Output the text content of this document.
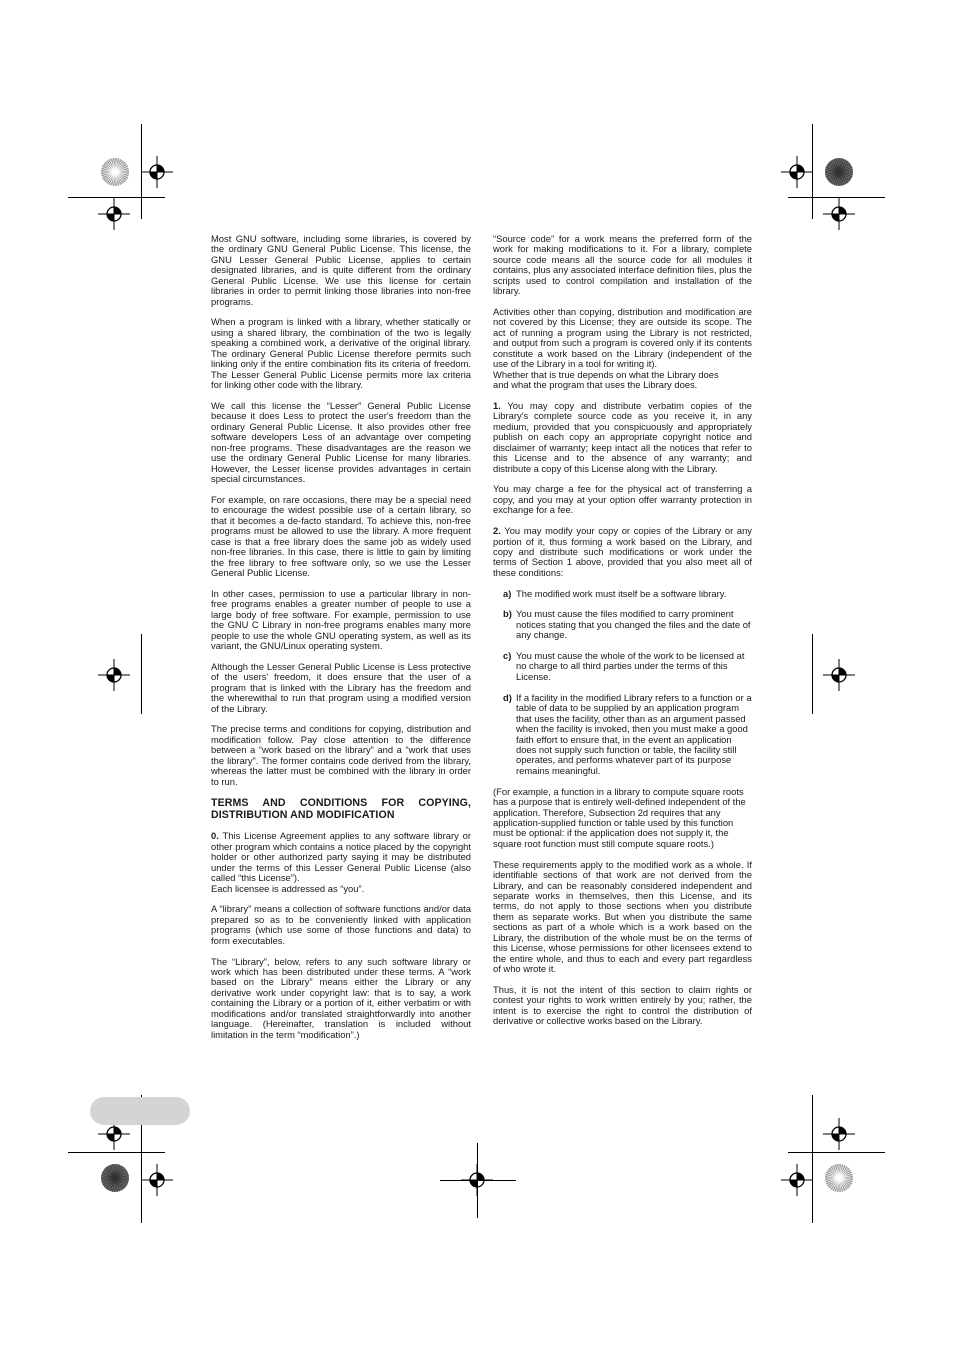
Most GNU software, including some libraries, is covered by the ordinary GNU General Public License. This license, the GNU Lesser General Public License, applies to certain designated libraries, and is quite different from the ordinary General Public License. We use this license for certain libraries in order to permit linking those libraries into non-free programs.

When a program is linked with a library, whether statically or using a shared library, the combination of the two is legally speaking a combined work, a derivative of the original library. The ordinary General Public License therefore permits such linking only if the entire combination fits its criteria of freedom. The Lesser General Public License permits more lax criteria for linking other code with the library.

We call this license the “Lesser” General Public License because it does Less to protect the user's freedom than the ordinary General Public License. It also provides other free software developers Less of an advantage over competing non-free programs. These disadvantages are the reason we use the ordinary General Public License for many libraries. However, the Lesser license provides advantages in certain special circumstances.

For example, on rare occasions, there may be a special need to encourage the widest possible use of a certain library, so that it becomes a de-facto standard. To achieve this, non-free programs must be allowed to use the library. A more frequent case is that a free library does the same job as widely used non-free libraries. In this case, there is little to gain by limiting the free library to free software only, so we use the Lesser General Public License.

In other cases, permission to use a particular library in non-free programs enables a greater number of people to use a large body of free software. For example, permission to use the GNU C Library in non-free programs enables many more people to use the whole GNU operating system, as well as its variant, the GNU/Linux operating system.

Although the Lesser General Public License is Less protective of the users' freedom, it does ensure that the user of a program that is linked with the Library has the freedom and the wherewithal to run that program using a modified version of the Library.

The precise terms and conditions for copying, distribution and modification follow. Pay close attention to the difference between a “work based on the library” and a “work that uses the library”. The former contains code derived from the library, whereas the latter must be combined with the library in order to run.

TERMS AND CONDITIONS FOR COPYING, DISTRIBUTION AND MODIFICATION

0. This License Agreement applies to any software library or other program which contains a notice placed by the copyright holder or other authorized party saying it may be distributed under the terms of this Lesser General Public License (also called “this License”).

Each licensee is addressed as “you”.

A “library” means a collection of software functions and/or data prepared so as to be conveniently linked with application programs (which use some of those functions and data) to form executables.

The “Library”, below, refers to any such software library or work which has been distributed under these terms. A “work based on the Library” means either the Library or any derivative work under copyright law: that is to say, a work containing the Library or a portion of it, either verbatim or with modifications and/or translated straightforwardly into another language. (Hereinafter, translation is included without limitation in the term “modification”.)

“Source code” for a work means the preferred form of the work for making modifications to it. For a library, complete source code means all the source code for all modules it contains, plus any associated interface definition files, plus the scripts used to control compilation and installation of the library.

Activities other than copying, distribution and modification are not covered by this License; they are outside its scope. The act of running a program using the Library is not restricted, and output from such a program is covered only if its contents constitute a work based on the Library (independent of the use of the Library in a tool for writing it).

Whether that is true depends on what the Library does
and what the program that uses the Library does.

1. You may copy and distribute verbatim copies of the Library's complete source code as you receive it, in any medium, provided that you conspicuously and appropriately publish on each copy an appropriate copyright notice and disclaimer of warranty; keep intact all the notices that refer to this License and to the absence of any warranty; and distribute a copy of this License along with the Library.

You may charge a fee for the physical act of transferring a copy, and you may at your option offer warranty protection in exchange for a fee.

2. You may modify your copy or copies of the Library or any portion of it, thus forming a work based on the Library, and copy and distribute such modifications or work under the terms of Section 1 above, provided that you also meet all of these conditions:

a) The modified work must itself be a software library.
b) You must cause the files modified to carry prominent notices stating that you changed the files and the date of any change.
c) You must cause the whole of the work to be licensed at no charge to all third parties under the terms of this License.
d) If a facility in the modified Library refers to a function or a table of data to be supplied by an application program that uses the facility, other than as an argument passed when the facility is invoked, then you must make a good faith effort to ensure that, in the event an application does not supply such function or table, the facility still operates, and performs whatever part of its purpose remains meaningful.

(For example, a function in a library to compute square roots has a purpose that is entirely well-defined independent of the application. Therefore, Subsection 2d requires that any application-supplied function or table used by this function must be optional: if the application does not supply it, the square root function must still compute square roots.)

These requirements apply to the modified work as a whole. If identifiable sections of that work are not derived from the Library, and can be reasonably considered independent and separate works in themselves, then this License, and its terms, do not apply to those sections when you distribute them as separate works. But when you distribute the same sections as part of a whole which is a work based on the Library, the distribution of the whole must be on the terms of this License, whose permissions for other licensees extend to the entire whole, and thus to each and every part regardless of who wrote it.

Thus, it is not the intent of this section to claim rights or contest your rights to work written entirely by you; rather, the intent is to exercise the right to control the distribution of derivative or collective works based on the Library.
